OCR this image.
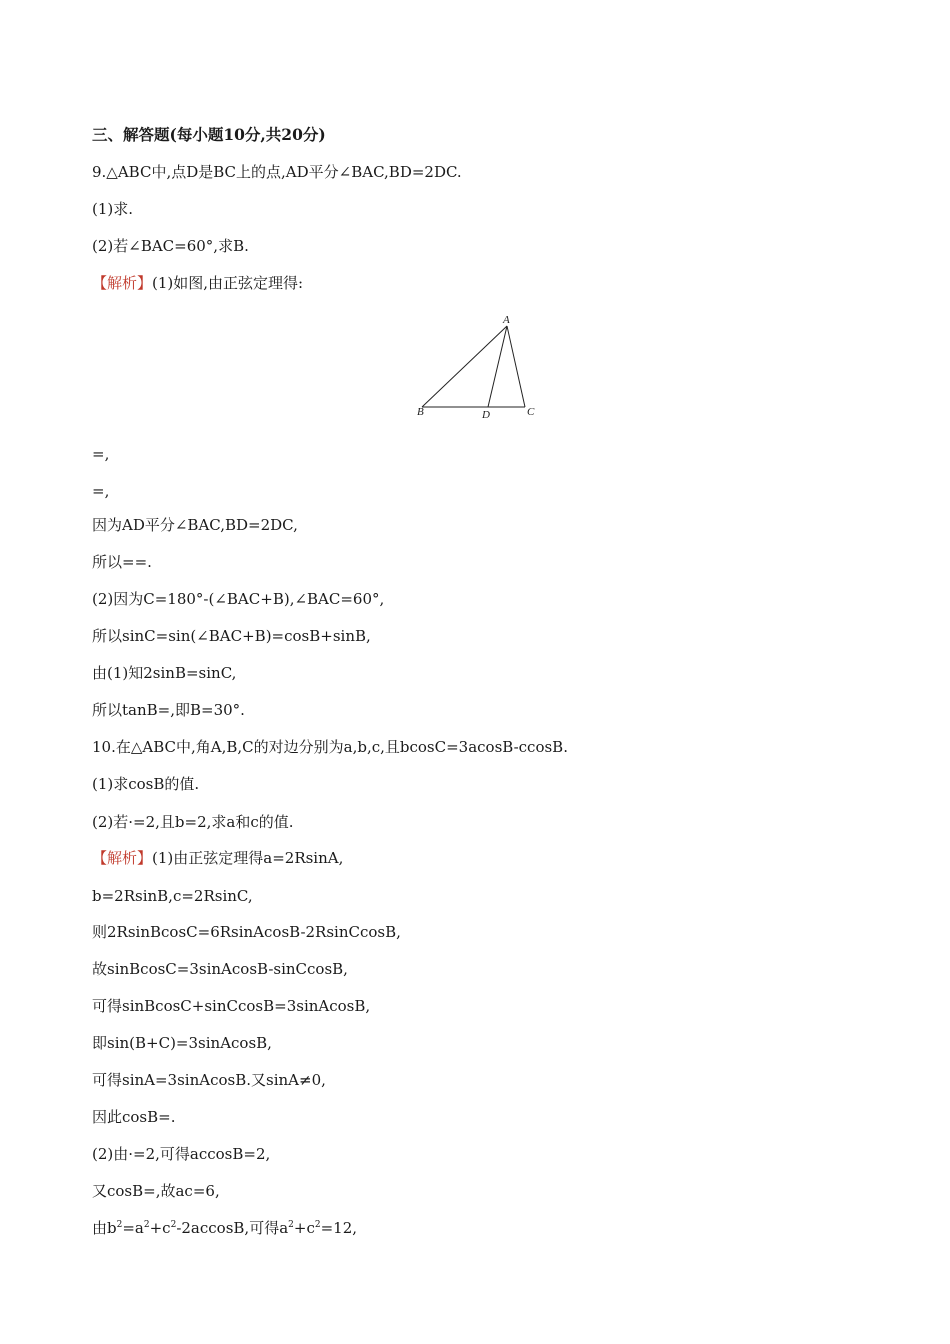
三、解答题(每小题10分,共20分)
9.△ABC中,点D是BC上的点,AD平分∠BAC,BD=2DC.
(1)求.
(2)若∠BAC=60°,求B.
【解析】(1)如图,由正弦定理得:
A
B	C
D
=,
=,
因为AD平分∠BAC,BD=2DC,
所以==.
(2)因为C=180°-(∠BAC+B),∠BAC=60°,
所以sinC=sin(∠BAC+B)=cosB+sinB,
由(1)知2sinB=sinC,
所以tanB=,即B=30°.
10.在△ABC中,角A,B,C的对边分别为a,b,c,且bcosC=3acosB-ccosB.
(1)求cosB的值.
(2)若·=2,且b=2,求a和c的值.
【解析】(1)由正弦定理得a=2RsinA,
b=2RsinB,c=2RsinC,
则2RsinBcosC=6RsinAcosB-2RsinCcosB,
故sinBcosC=3sinAcosB-sinCcosB,
可得sinBcosC+sinCcosB=3sinAcosB,
即sin(B+C)=3sinAcosB,
可得sinA=3sinAcosB.又sinA≠0,
因此cosB=.
(2)由·=2,可得accosB=2,
又cosB=,故ac=6,
由$b^2=a^2+c^2-2accosB$,可得$a^2+c^2=12$,
